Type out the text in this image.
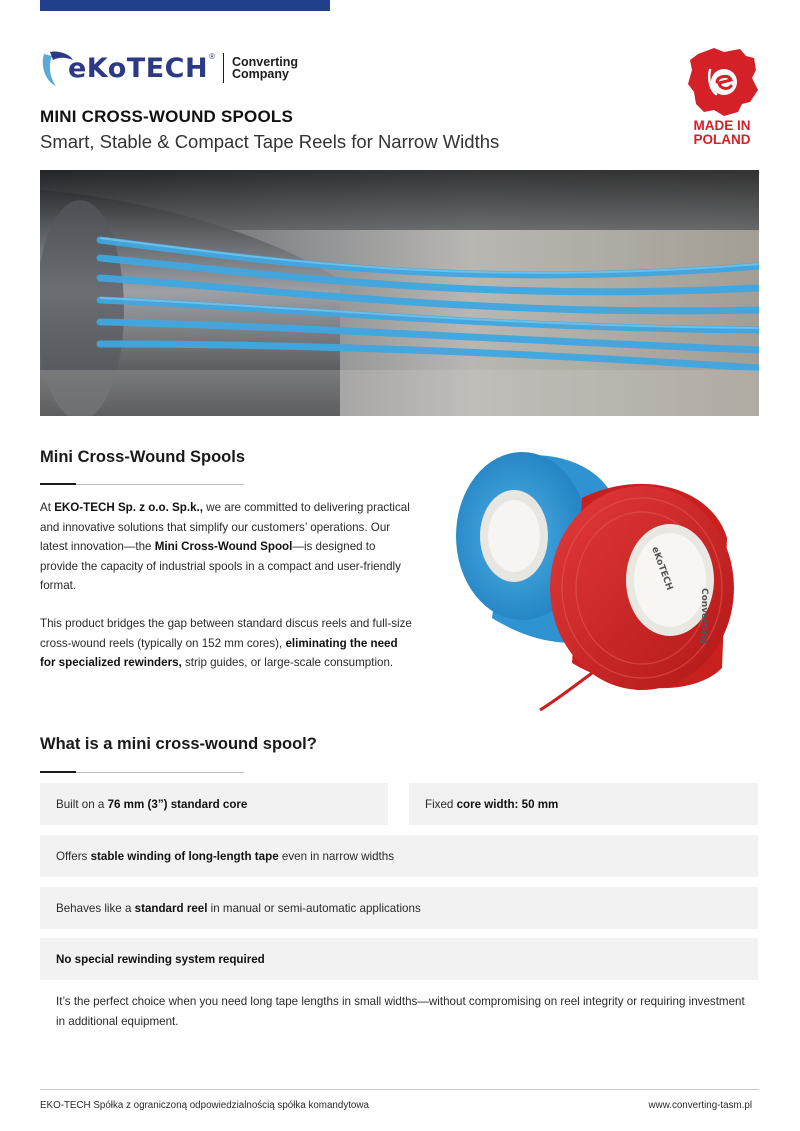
eKoTECH ® Converting
Company
MADE IN
POLAND
MINI CROSS-WOUND SPOOLS
Smart, Stable & Compact Tape Reels for Narrow Widths
Mini Cross-Wound Spools

At EKO-TECH Sp. z o.o. Sp.k., we are committed to delivering practical and innovative solutions that simplify our customers’ operations. Our latest innovation—the Mini Cross-Wound Spool—is designed to provide the capacity of industrial spools in a compact and user-friendly format.

This product bridges the gap between standard discus reels and full-size cross-wound reels (typically on 152 mm cores), eliminating the need for specialized rewinders, strip guides, or large-scale consumption.

eKoTECH
Converting
What is a mini cross-wound spool?
Built on a 76 mm (3”) standard core	Fixed core width: 50 mm
Offers stable winding of long-length tape even in narrow widths
Behaves like a standard reel in manual or semi-automatic applications
No special rewinding system required

It’s the perfect choice when you need long tape lengths in small widths—without compromising on reel integrity or requiring investment in additional equipment.

EKO-TECH Spółka z ograniczoną odpowiedzialnością spółka komandytowa	www.converting-tasm.pl
